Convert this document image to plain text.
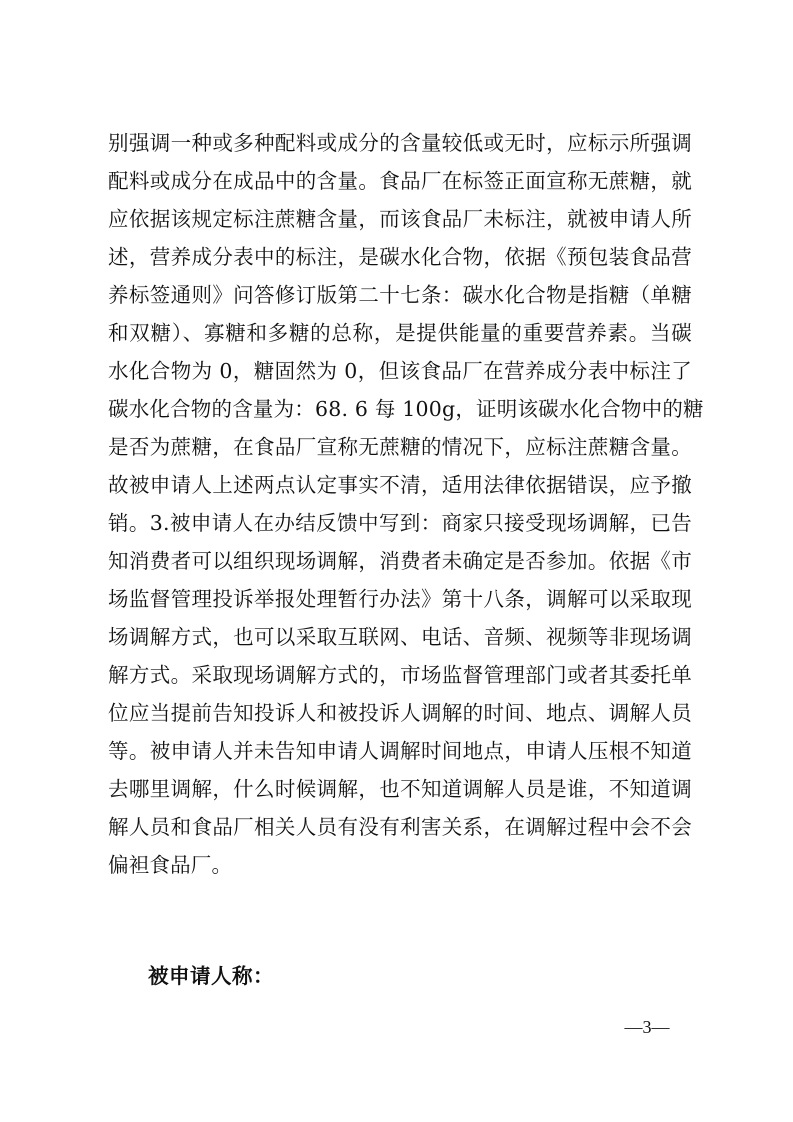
别强调一种或多种配料或成分的含量较低或无时，应标示所强调
配料或成分在成品中的含量。食品厂在标签正面宣称无蔗糖，就
应依据该规定标注蔗糖含量，而该食品厂未标注，就被申请人所
述，营养成分表中的标注，是碳水化合物，依据《预包装食品营
养标签通则》问答修订版第二十七条：碳水化合物是指糖（单糖
和双糖）、寡糖和多糖的总称，是提供能量的重要营养素。当碳
水化合物为 0，糖固然为 0，但该食品厂在营养成分表中标注了
碳水化合物的含量为：68. 6 每 100g，证明该碳水化合物中的糖
是否为蔗糖，在食品厂宣称无蔗糖的情况下，应标注蔗糖含量。
故被申请人上述两点认定事实不清，适用法律依据错误，应予撤
销。3.被申请人在办结反馈中写到：商家只接受现场调解，已告
知消费者可以组织现场调解，消费者未确定是否参加。依据《市
场监督管理投诉举报处理暂行办法》第十八条，调解可以采取现
场调解方式，也可以采取互联网、电话、音频、视频等非现场调
解方式。采取现场调解方式的，市场监督管理部门或者其委托单
位应当提前告知投诉人和被投诉人调解的时间、地点、调解人员
等。被申请人并未告知申请人调解时间地点，申请人压根不知道
去哪里调解，什么时候调解，也不知道调解人员是谁，不知道调
解人员和食品厂相关人员有没有利害关系，在调解过程中会不会
偏袒食品厂。
被申请人称：
—3—
